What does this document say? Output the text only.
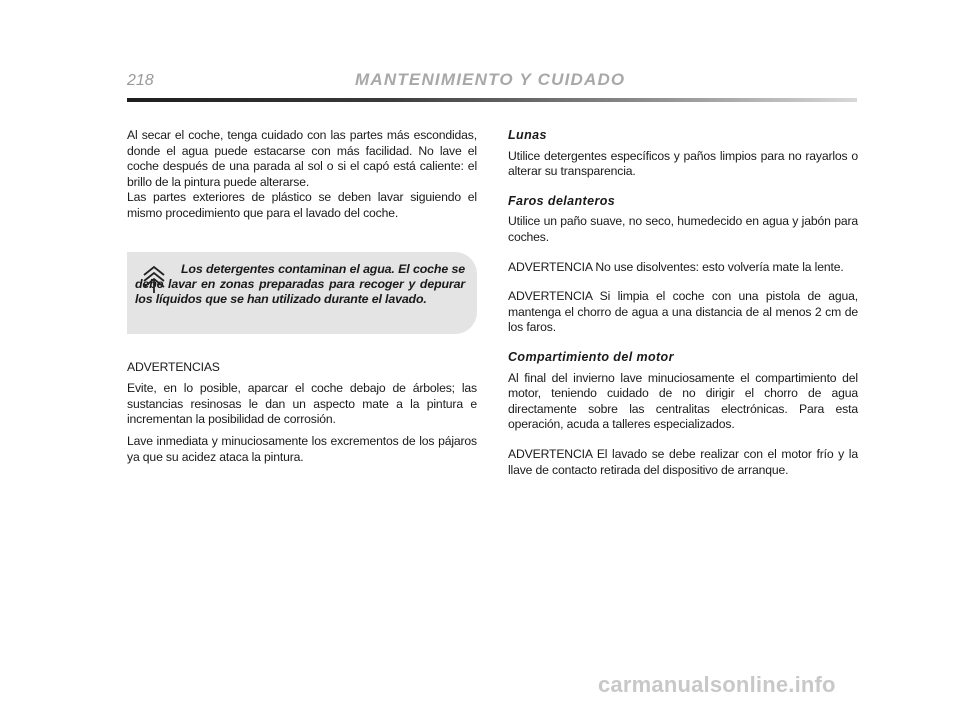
218	MANTENIMIENTO Y CUIDADO

Al secar el coche, tenga cuidado con las partes más escondidas, donde el agua puede estacarse con más facilidad. No lave el coche después de una parada al sol o si el capó está caliente: el brillo de la pintura puede alterarse.

Las partes exteriores de plástico se deben lavar siguiendo el mismo procedimiento que para el lavado del coche.

Los detergentes contaminan el agua. El coche se debe lavar en zonas preparadas para recoger y depurar los líquidos que se han utilizado durante el lavado.

ADVERTENCIAS

Evite, en lo posible, aparcar el coche debajo de árboles; las sustancias resinosas le dan un aspecto mate a la pintura e incrementan la posibilidad de corrosión.

Lave inmediata y minuciosamente los excrementos de los pájaros ya que su acidez ataca la pintura.

Lunas

Utilice detergentes específicos y paños limpios para no rayarlos o alterar su transparencia.

Faros delanteros

Utilice un paño suave, no seco, humedecido en agua y jabón para coches.

ADVERTENCIA No use disolventes: esto volvería mate la lente.

ADVERTENCIA Si limpia el coche con una pistola de agua, mantenga el chorro de agua a una distancia de al menos 2 cm de los faros.

Compartimiento del motor

Al final del invierno lave minuciosamente el compartimiento del motor, teniendo cuidado de no dirigir el chorro de agua directamente sobre las centralitas electrónicas. Para esta operación, acuda a talleres especializados.

ADVERTENCIA El lavado se debe realizar con el motor frío y la llave de contacto retirada del dispositivo de arranque.

carmanualsonline.info
